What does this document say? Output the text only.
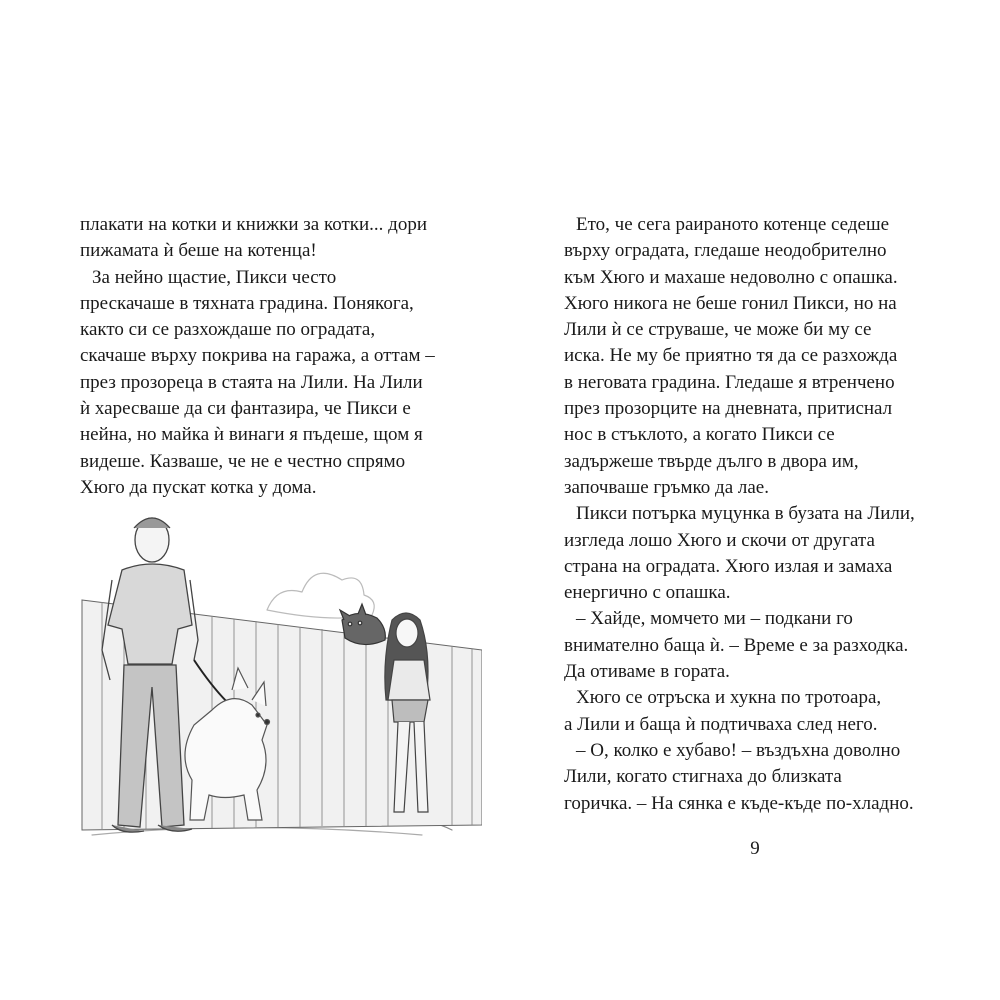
плакати на котки и книжки за котки... дори
пижамата ѝ беше на котенца!
За нейно щастие, Пикси често
прескачаше в тяхната градина. Понякога,
както си се разхождаше по оградата,
скачаше върху покрива на гаража, а оттам –
през прозореца в стаята на Лили. На Лили
ѝ харесваше да си фантазира, че Пикси е
нейна, но майка ѝ винаги я пъдеше, щом я
видеше. Казваше, че не е честно спрямо
Хюго да пускат котка у дома.
Ето, че сега раираното котенце седеше
върху оградата, гледаше неодобрително
към Хюго и махаше недоволно с опашка.
Хюго никога не беше гонил Пикси, но на
Лили ѝ се струваше, че може би му се
иска. Не му бе приятно тя да се разхожда
в неговата градина. Гледаше я втренчено
през прозорците на дневната, притиснал
нос в стъклото, а когато Пикси се
задържеше твърде дълго в двора им,
започваше гръмко да лае.
Пикси потърка муцунка в бузата на Лили,
изгледа лошо Хюго и скочи от другата
страна на оградата. Хюго излая и замаха
енергично с опашка.
– Хайде, момчето ми – подкани го
внимателно баща ѝ. – Време е за разходка.
Да отиваме в гората.
Хюго се отръска и хукна по тротоара,
а Лили и баща ѝ подтичваха след него.
– О, колко е хубаво! – въздъхна доволно
Лили, когато стигнаха до близката
горичка. – На сянка е къде-къде по-хладно.
9
